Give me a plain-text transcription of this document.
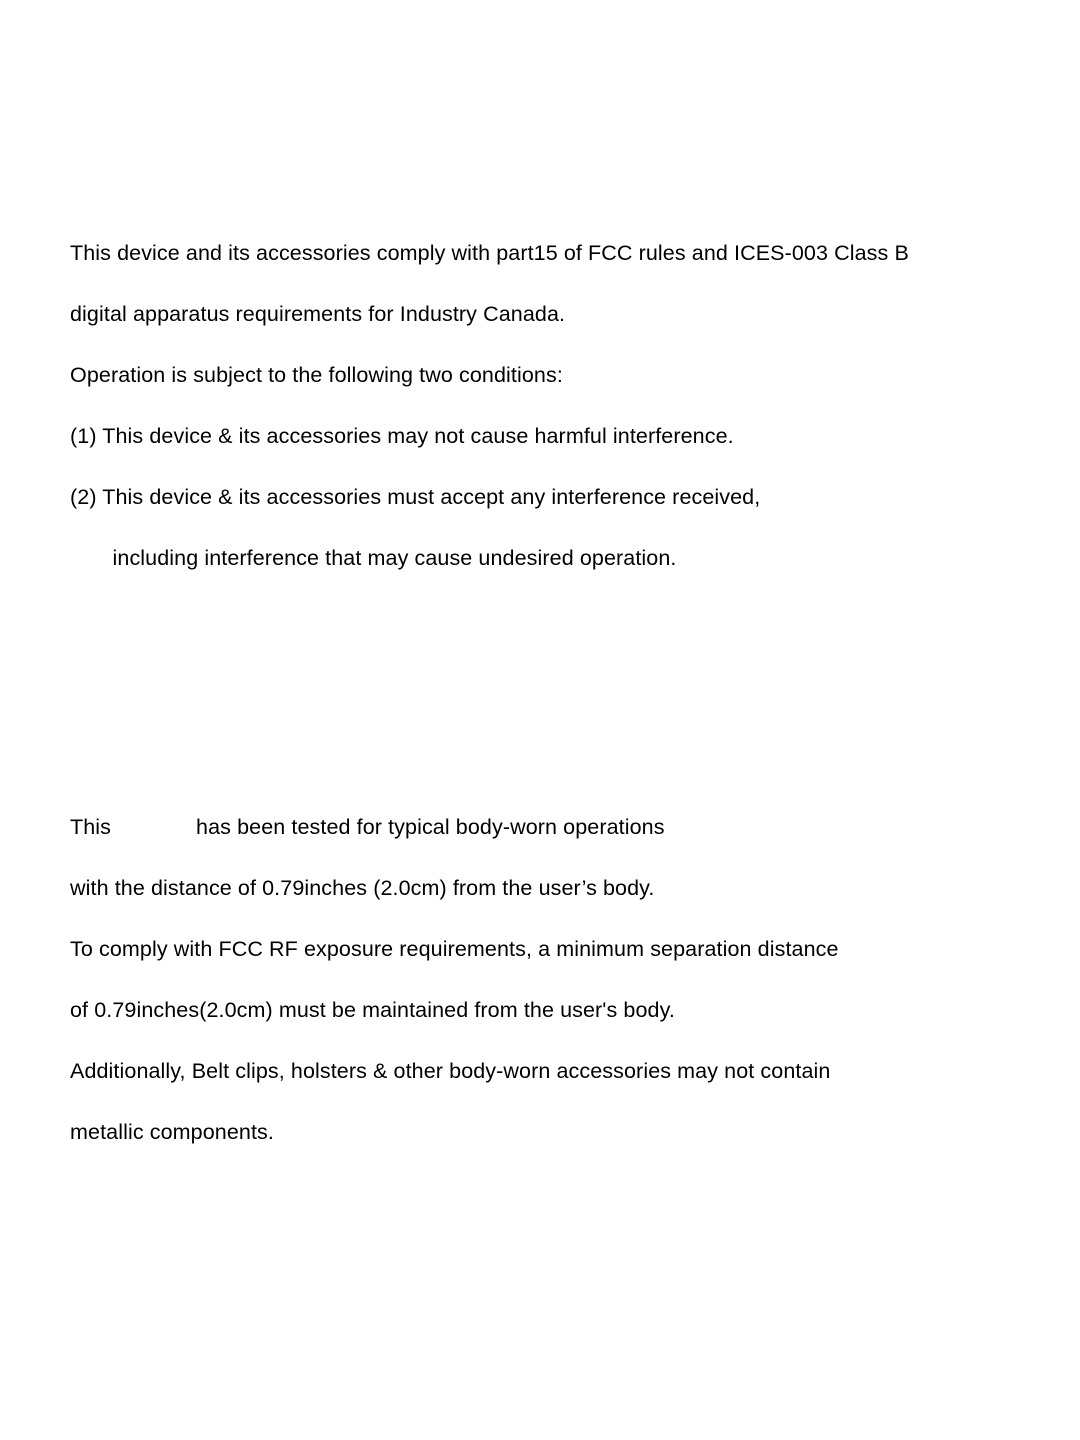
This device and its accessories comply with part15 of FCC rules and ICES-003 Class B
digital apparatus requirements for Industry Canada.
Operation is subject to the following two conditions:
(1) This device & its accessories may not cause harmful interference.
(2) This device & its accessories must accept any interference received,
including interference that may cause undesired operation.
This              has been tested for typical body-worn operations
with the distance of 0.79inches (2.0cm) from the user’s body.
To comply with FCC RF exposure requirements, a minimum separation distance
of 0.79inches(2.0cm) must be maintained from the user's body.
Additionally, Belt clips, holsters & other body-worn accessories may not contain
metallic components.
